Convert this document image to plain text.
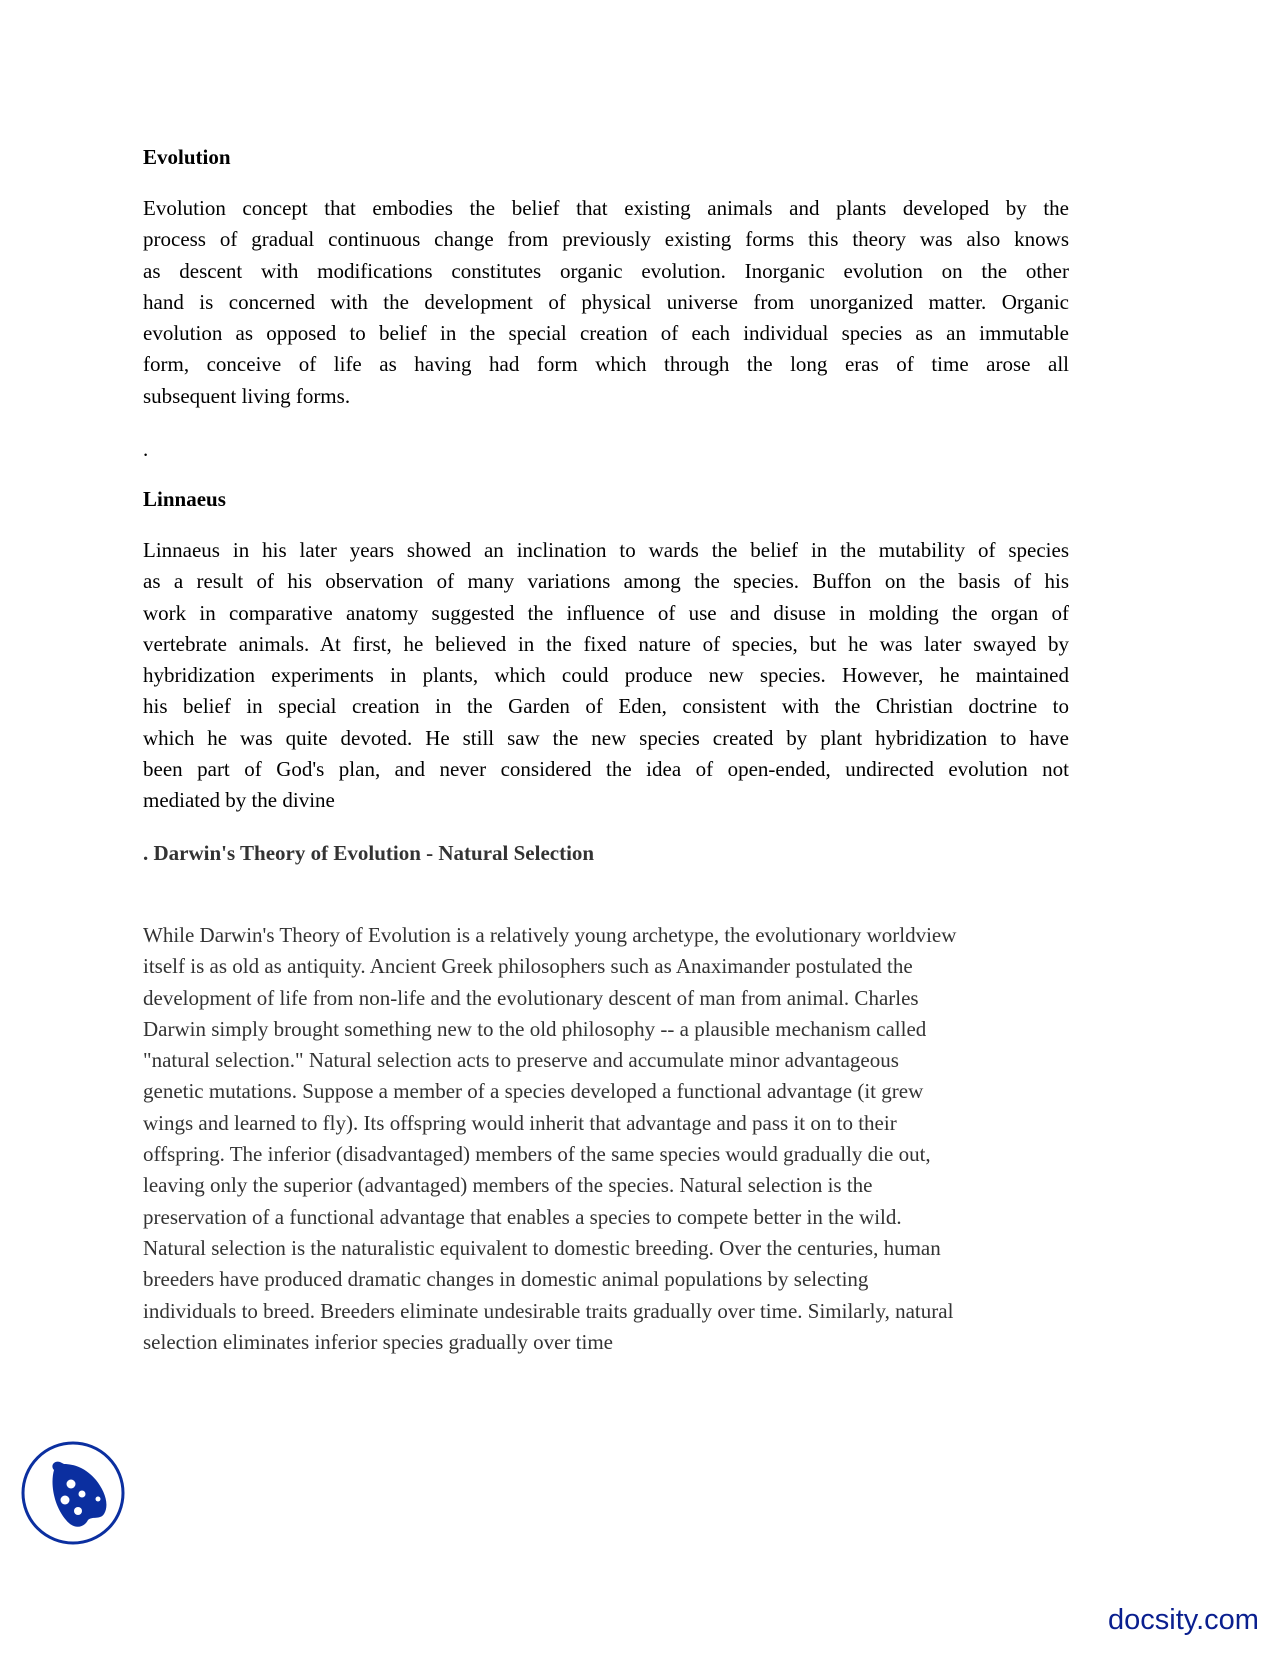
Evolution
Evolution concept that embodies the belief that existing animals and plants developed by the
process of gradual continuous change from previously existing forms this theory was also knows
as descent with modifications constitutes organic evolution. Inorganic evolution on the other
hand is concerned with the development of physical universe from unorganized matter. Organic
evolution as opposed to belief in the special creation of each individual species as an immutable
form, conceive of life as having had form which through the long eras of time arose all
subsequent living forms.
.
Linnaeus
Linnaeus in his later years showed an inclination to wards the belief in the mutability of species
as a result of his observation of many variations among the species. Buffon on the basis of his
work in comparative anatomy suggested the influence of use and disuse in molding the organ of
vertebrate animals. At first, he believed in the fixed nature of species, but he was later swayed by
hybridization experiments in plants, which could produce new species. However, he maintained
his belief in special creation in the Garden of Eden, consistent with the Christian doctrine to
which he was quite devoted. He still saw the new species created by plant hybridization to have
been part of God's plan, and never considered the idea of open-ended, undirected evolution not
mediated by the divine
. Darwin's Theory of Evolution - Natural Selection
While Darwin's Theory of Evolution is a relatively young archetype, the evolutionary worldview
itself is as old as antiquity. Ancient Greek philosophers such as Anaximander postulated the
development of life from non-life and the evolutionary descent of man from animal. Charles
Darwin simply brought something new to the old philosophy -- a plausible mechanism called
"natural selection." Natural selection acts to preserve and accumulate minor advantageous
genetic mutations. Suppose a member of a species developed a functional advantage (it grew
wings and learned to fly). Its offspring would inherit that advantage and pass it on to their
offspring. The inferior (disadvantaged) members of the same species would gradually die out,
leaving only the superior (advantaged) members of the species. Natural selection is the
preservation of a functional advantage that enables a species to compete better in the wild.
Natural selection is the naturalistic equivalent to domestic breeding. Over the centuries, human
breeders have produced dramatic changes in domestic animal populations by selecting
individuals to breed. Breeders eliminate undesirable traits gradually over time. Similarly, natural
selection eliminates inferior species gradually over time
docsity.com
